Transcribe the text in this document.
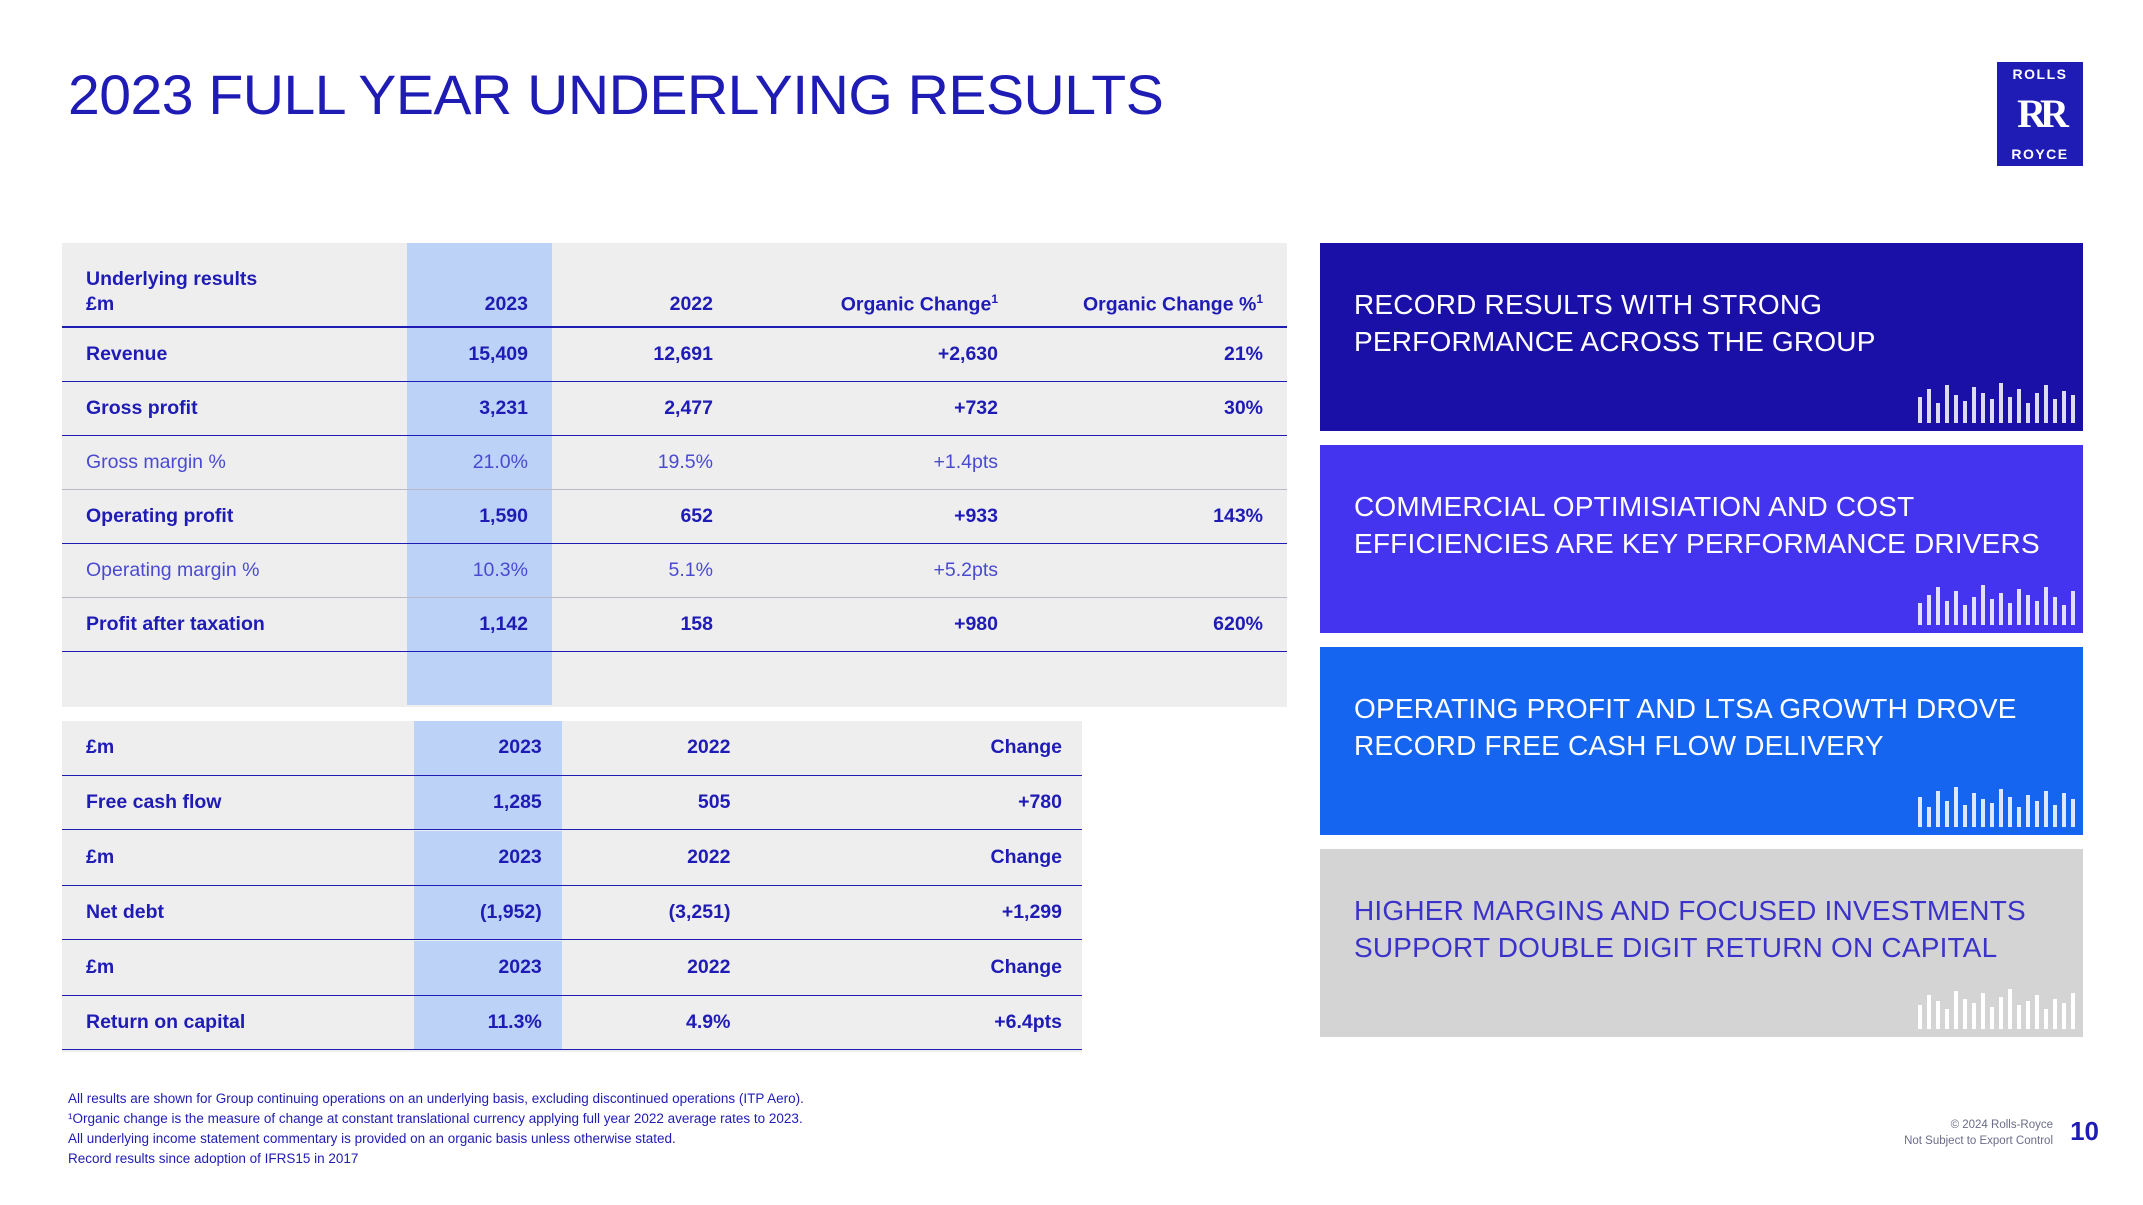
2023 FULL YEAR UNDERLYING RESULTS	ROLLS
RR
ROYCE
Underlying results
£m	2023	2022	Organic Change$^1$	Organic Change %$^1$
Revenue	15,409	12,691	+2,630	21%
Gross profit	3,231	2,477	+732	30%
Gross margin %	21.0%	19.5%	+1.4pts	
Operating profit	1,590	652	+933	143%
Operating margin %	10.3%	5.1%	+5.2pts	
Profit after taxation	1,142	158	+980	620%

£m	2023	2022	Change
Free cash flow	1,285	505	+780
£m	2023	2022	Change
Net debt	(1,952)	(3,251)	+1,299
£m	2023	2022	Change
Return on capital	11.3%	4.9%	+6.4pts
RECORD RESULTS WITH STRONG PERFORMANCE ACROSS THE GROUP
COMMERCIAL OPTIMISIATION AND COST EFFICIENCIES ARE KEY PERFORMANCE DRIVERS
OPERATING PROFIT AND LTSA GROWTH DROVE RECORD FREE CASH FLOW DELIVERY
HIGHER MARGINS AND FOCUSED INVESTMENTS SUPPORT DOUBLE DIGIT RETURN ON CAPITAL
All results are shown for Group continuing operations on an underlying basis, excluding discontinued operations (ITP Aero).
¹Organic change is the measure of change at constant translational currency applying full year 2022 average rates to 2023.
All underlying income statement commentary is provided on an organic basis unless otherwise stated.
Record results since adoption of IFRS15 in 2017
© 2024 Rolls-Royce
Not Subject to Export Control 10
